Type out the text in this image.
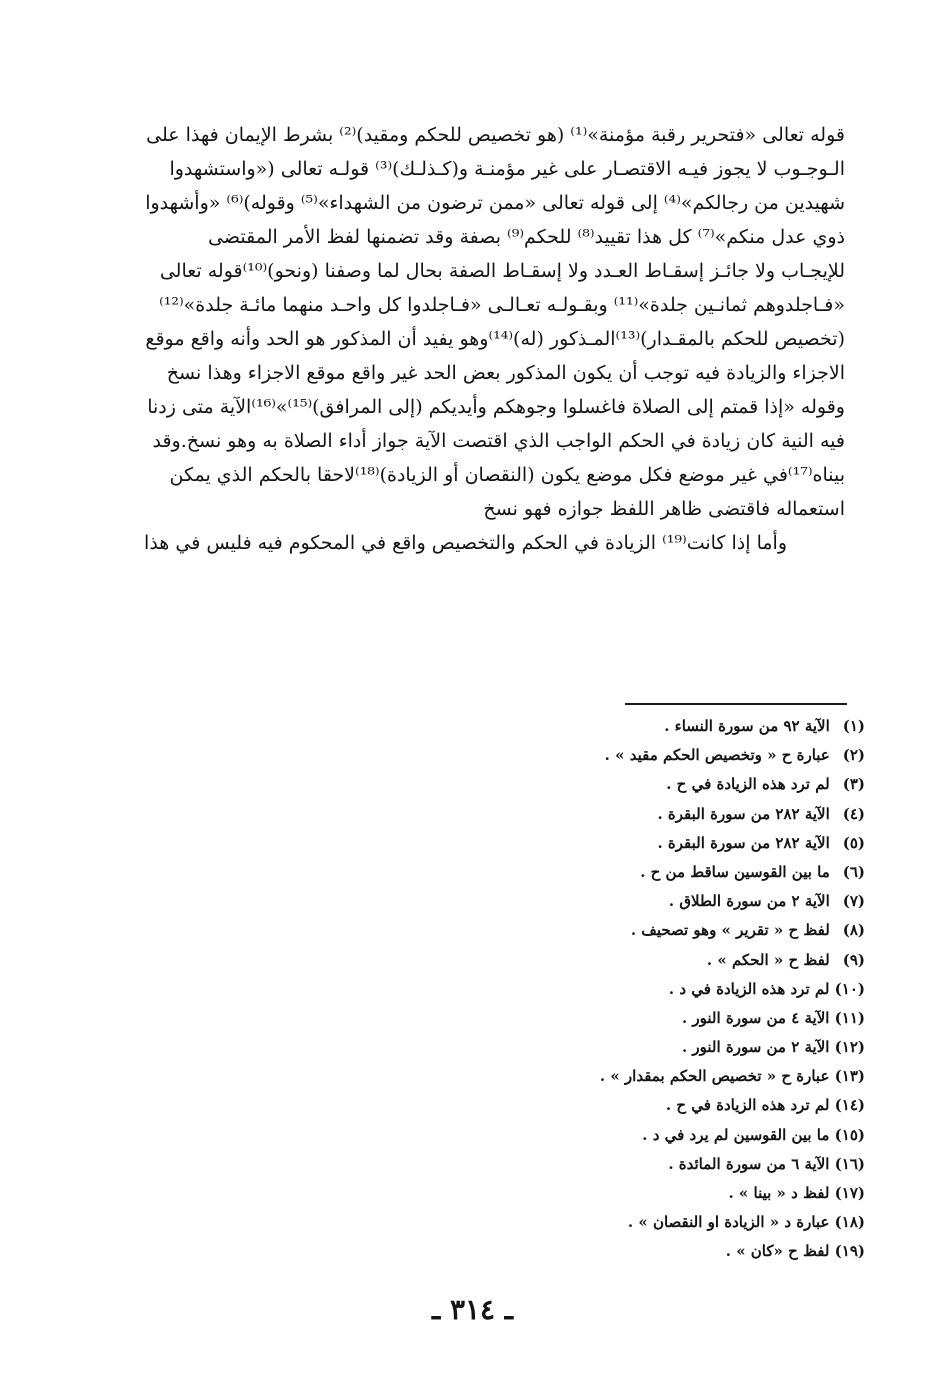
قوله تعالى «فتحرير رقبة مؤمنة»⁽¹⁾ (هو تخصيص للحكم ومقيد)⁽²⁾ بشرط الإيمان فهذا على
الـوجـوب لا يجوز فيـه الاقتصـار على غير مؤمنـة و(كـذلـك)⁽³⁾ قولـه تعالى («واستشهدوا
شهيدين من رجالكم»⁽⁴⁾ إلى قوله تعالى «ممن ترضون من الشهداء»⁽⁵⁾ وقوله)⁽⁶⁾ «وأشهدوا
ذوي عدل منكم»⁽⁷⁾ كل هذا تقييد⁽⁸⁾ للحكم⁽⁹⁾ بصفة وقد تضمنها لفظ الأمر المقتضى
للإيجـاب ولا جائـز إسقـاط العـدد ولا إسقـاط الصفة بحال لما وصفنا (ونحو)⁽¹⁰⁾قوله تعالى
«فـاجلدوهم ثمانـين جلدة»⁽¹¹⁾ وبقـولـه تعـالـى «فـاجلدوا كل واحـد منهما مائـة جلدة»⁽¹²⁾
(تخصيص للحكم بالمقـدار)⁽¹³⁾المـذكور (له)⁽¹⁴⁾وهو يفيد أن المذكور هو الحد وأنه واقع موقع
الاجزاء والزيادة فيه توجب أن يكون المذكور بعض الحد غير واقع موقع الاجزاء وهذا نسخ
وقوله «إذا قمتم إلى الصلاة فاغسلوا وجوهكم وأيديكم (إلى المرافق)⁽¹⁵⁾»⁽¹⁶⁾الآية متى زدنا
فيه النية كان زيادة في الحكم الواجب الذي اقتصت الآية جواز أداء الصلاة به وهو نسخ.وقد
بيناه⁽¹⁷⁾في غير موضع فكل موضع يكون (النقصان أو الزيادة)⁽¹⁸⁾لاحقا بالحكم الذي يمكن
استعماله فاقتضى ظاهر اللفظ جوازه فهو نسخ
وأما إذا كانت⁽¹⁹⁾ الزيادة في الحكم والتخصيص واقع في المحكوم فيه فليس في هذا
(١) الآية ٩٢ من سورة النساء .
(٢) عبارة ح « وتخصيص الحكم مقيد » .
(٣) لم ترد هذه الزيادة في ح .
(٤) الآية ٢٨٢ من سورة البقرة .
(٥) الآية ٢٨٢ من سورة البقرة .
(٦) ما بين القوسين ساقط من ح .
(٧) الآية ٢ من سورة الطلاق .
(٨) لفظ ح « تقرير » وهو تصحيف .
(٩) لفظ ح « الحكم » .
(١٠) لم ترد هذه الزيادة في د .
(١١) الآية ٤ من سورة النور .
(١٢) الآية ٢ من سورة النور .
(١٣) عبارة ح « تخصيص الحكم بمقدار » .
(١٤) لم ترد هذه الزيادة في ح .
(١٥) ما بين القوسين لم يرد في د .
(١٦) الآية ٦ من سورة المائدة .
(١٧) لفظ د « بينا » .
(١٨) عبارة د « الزيادة او النقصان » .
(١٩) لفظ ح «كان » .
ـ ٣١٤ ـ
